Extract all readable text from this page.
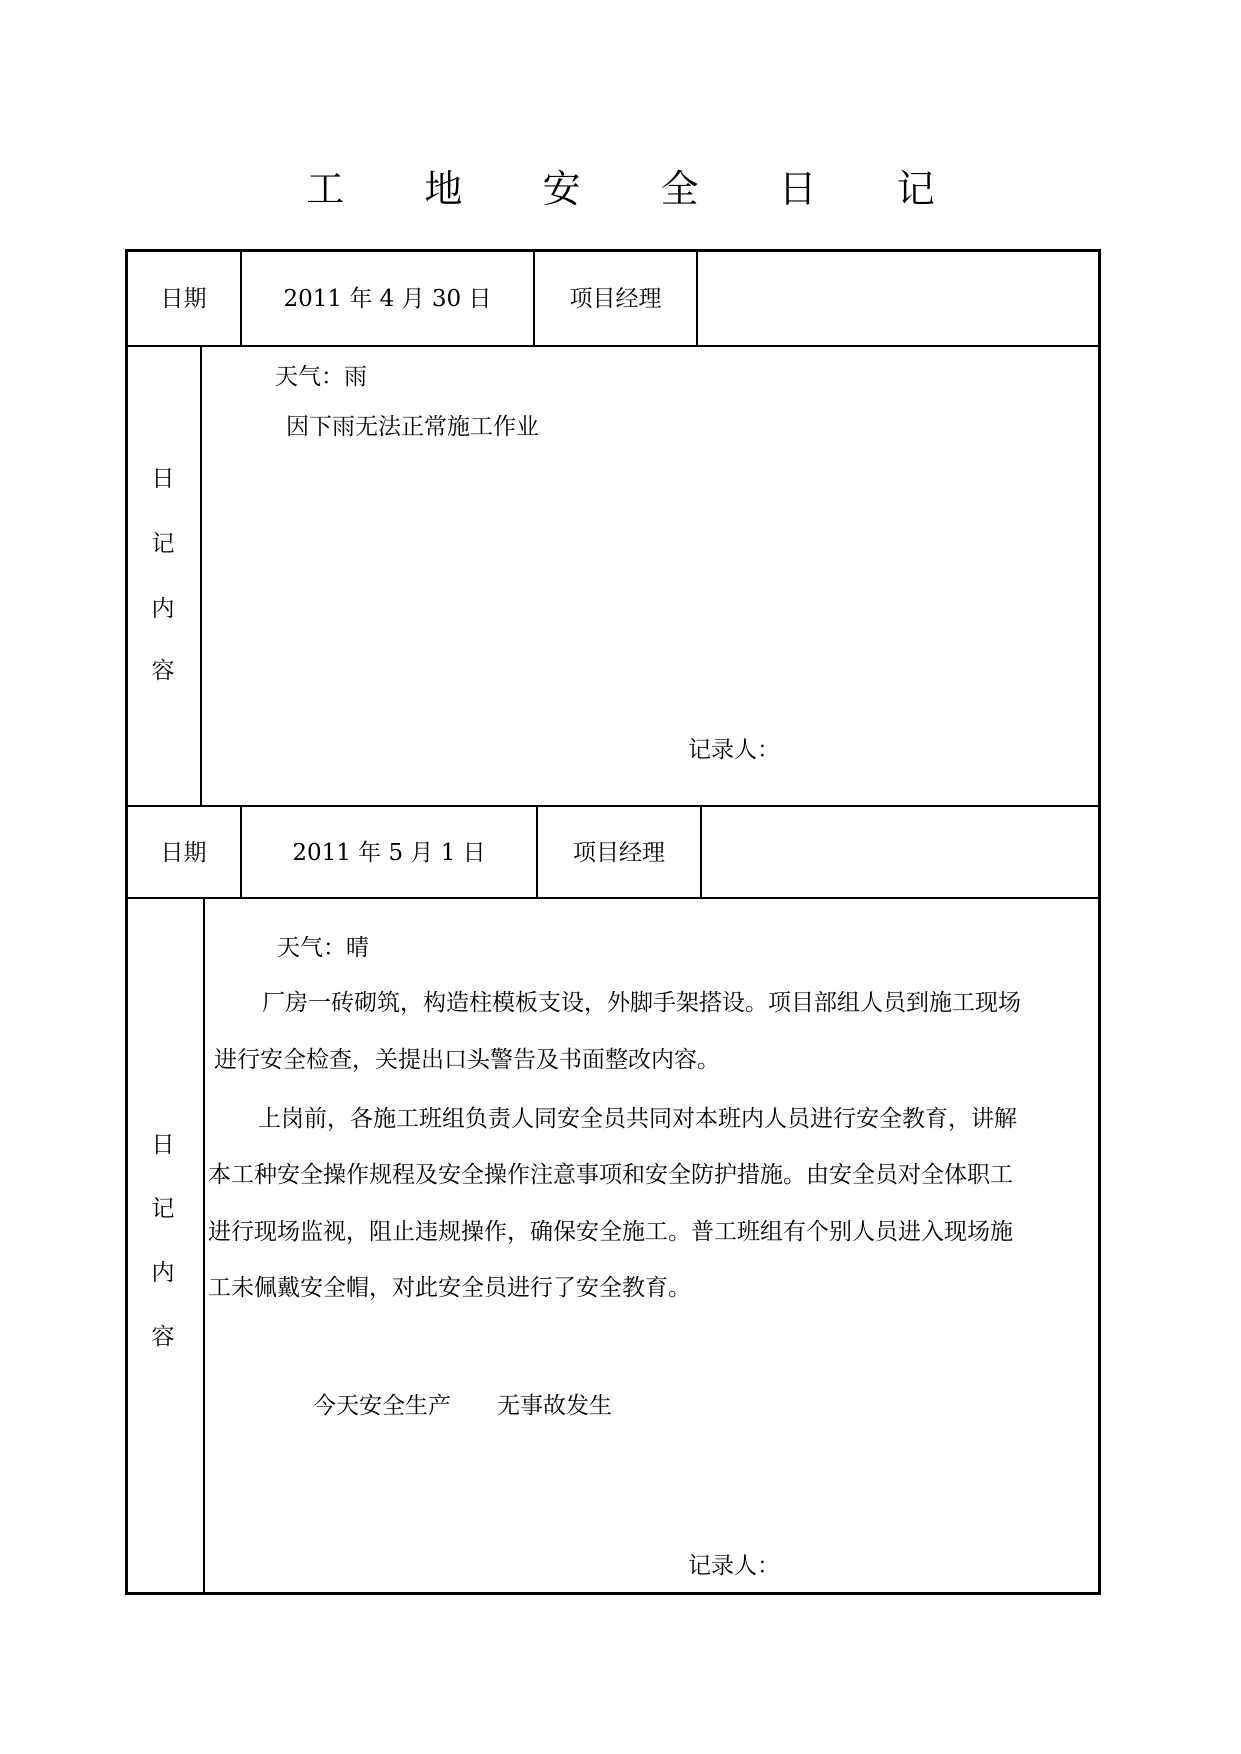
工 地 安 全 日 记
日期	2011 年 4 月 30 日	项目经理
日
记
内
容
天气：雨
因下雨无法正常施工作业
记录人：
日期	2011 年 5 月 1 日	项目经理
日
记
内
容
天气：晴
厂房一砖砌筑，构造柱模板支设，外脚手架搭设。项目部组人员到施工现场
进行安全检查，关提出口头警告及书面整改内容。
上岗前，各施工班组负责人同安全员共同对本班内人员进行安全教育，讲解
本工种安全操作规程及安全操作注意事项和安全防护措施。由安全员对全体职工
进行现场监视，阻止违规操作，确保安全施工。普工班组有个别人员进入现场施
工未佩戴安全帽，对此安全员进行了安全教育。
今天安全生产　　无事故发生
记录人：
